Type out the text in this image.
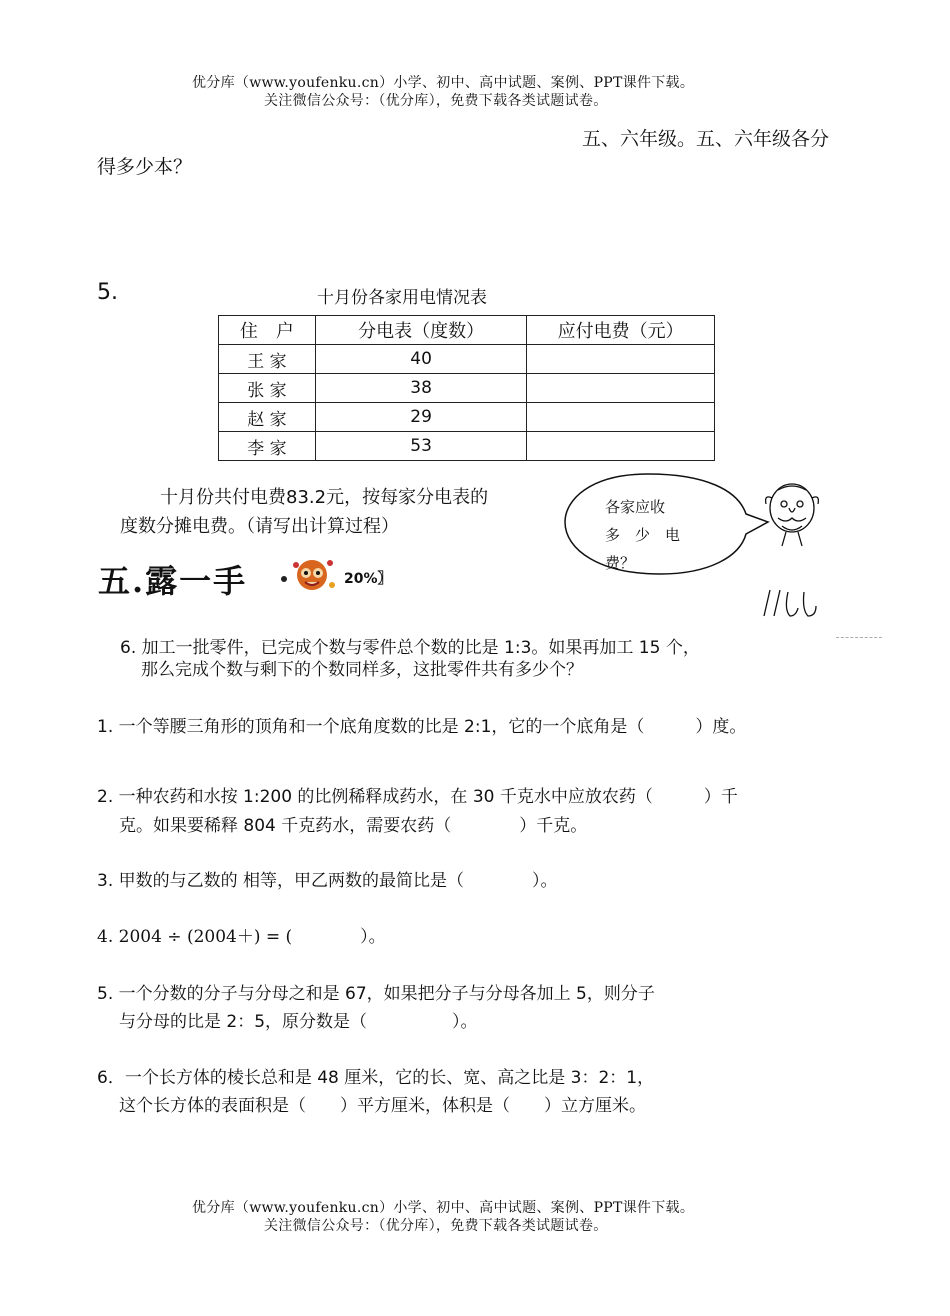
优分库（www.youfenku.cn）小学、初中、高中试题、案例、PPT课件下载。
关注微信公众号：（优分库），免费下载各类试题试卷。
五、六年级。五、六年级各分
得多少本？
5.	十月份各家用电情况表
住　户	分电表（度数）	应付电费（元）
王 家	40	
张 家	38	
赵 家	29	
李 家	53	
十月份共付电费83.2元，按每家分电表的
度数分摊电费。（请写出计算过程）
各家应收
多　少　电
费？
五.露一手	20%〗
6. 加工一批零件，已完成个数与零件总个数的比是 1:3。如果再加工 15 个，
那么完成个数与剩下的个数同样多，这批零件共有多少个？
1. 一个等腰三角形的顶角和一个底角度数的比是 2:1，它的一个底角是（　　　）度。
2. 一种农药和水按 1:200 的比例稀释成药水，在 30 千克水中应放农药（　　　）千
克。如果要稀释 804 千克药水，需要农药（　　　　）千克。
3. 甲数的与乙数的 相等，甲乙两数的最简比是（　　　　）。
4. 2004 ÷ (2004＋) = (　　　　）。
5. 一个分数的分子与分母之和是 67，如果把分子与分母各加上 5，则分子
与分母的比是 2：5，原分数是（　　　　　）。
6．一个长方体的棱长总和是 48 厘米，它的长、宽、高之比是 3：2：1，
这个长方体的表面积是（　　）平方厘米，体积是（　　）立方厘米。
优分库（www.youfenku.cn）小学、初中、高中试题、案例、PPT课件下载。
关注微信公众号：（优分库），免费下载各类试题试卷。
